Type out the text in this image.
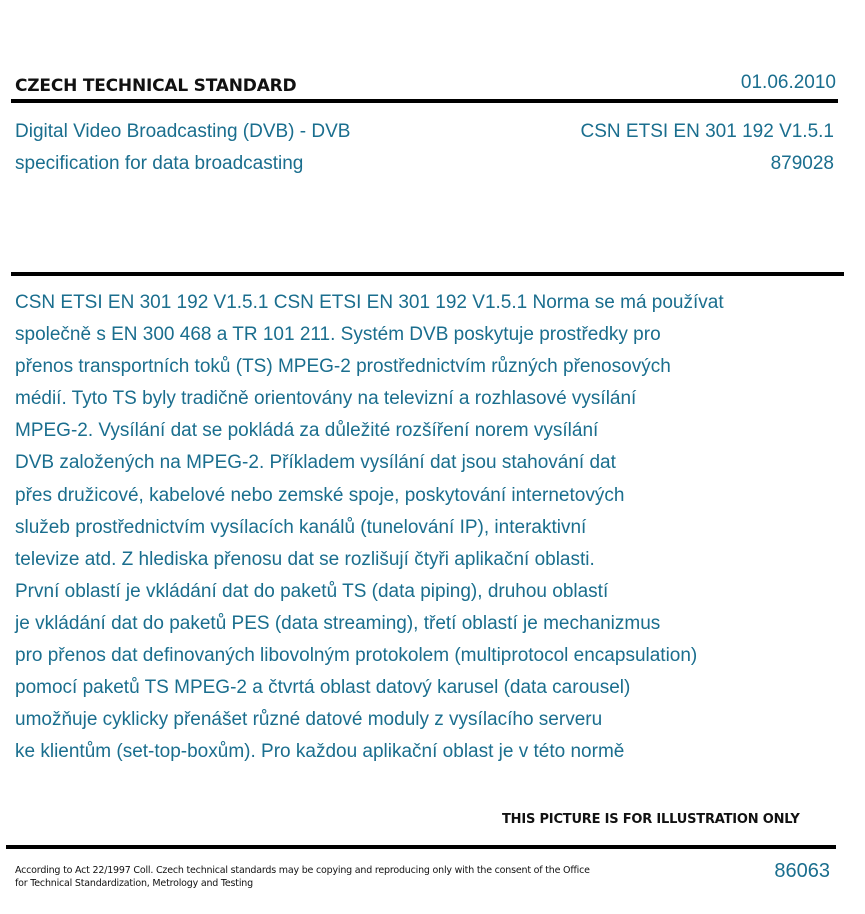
CZECH TECHNICAL STANDARD	01.06.2010
Digital Video Broadcasting (DVB) - DVB
specification for data broadcasting
CSN ETSI EN 301 192 V1.5.1
879028
CSN ETSI EN 301 192 V1.5.1 CSN ETSI EN 301 192 V1.5.1 Norma se má používat
společně s EN 300 468 a TR 101 211. Systém DVB poskytuje prostředky pro
přenos transportních toků (TS) MPEG-2 prostřednictvím různých přenosových
médií. Tyto TS byly tradičně orientovány na televizní a rozhlasové vysílání
MPEG-2. Vysílání dat se pokládá za důležité rozšíření norem vysílání
DVB založených na MPEG-2. Příkladem vysílání dat jsou stahování dat
přes družicové, kabelové nebo zemské spoje, poskytování internetových
služeb prostřednictvím vysílacích kanálů (tunelování IP), interaktivní
televize atd. Z hlediska přenosu dat se rozlišují čtyři aplikační oblasti.
První oblastí je vkládání dat do paketů TS (data piping), druhou oblastí
je vkládání dat do paketů PES (data streaming), třetí oblastí je mechanizmus
pro přenos dat definovaných libovolným protokolem (multiprotocol encapsulation)
pomocí paketů TS MPEG-2 a čtvrtá oblast datový karusel (data carousel)
umožňuje cyklicky přenášet různé datové moduly z vysílacího serveru
ke klientům (set-top-boxům). Pro každou aplikační oblast je v této normě
THIS PICTURE IS FOR ILLUSTRATION ONLY
According to Act 22/1997 Coll. Czech technical standards may be copying and reproducing only with the consent of the Office
for Technical Standardization, Metrology and Testing
86063
